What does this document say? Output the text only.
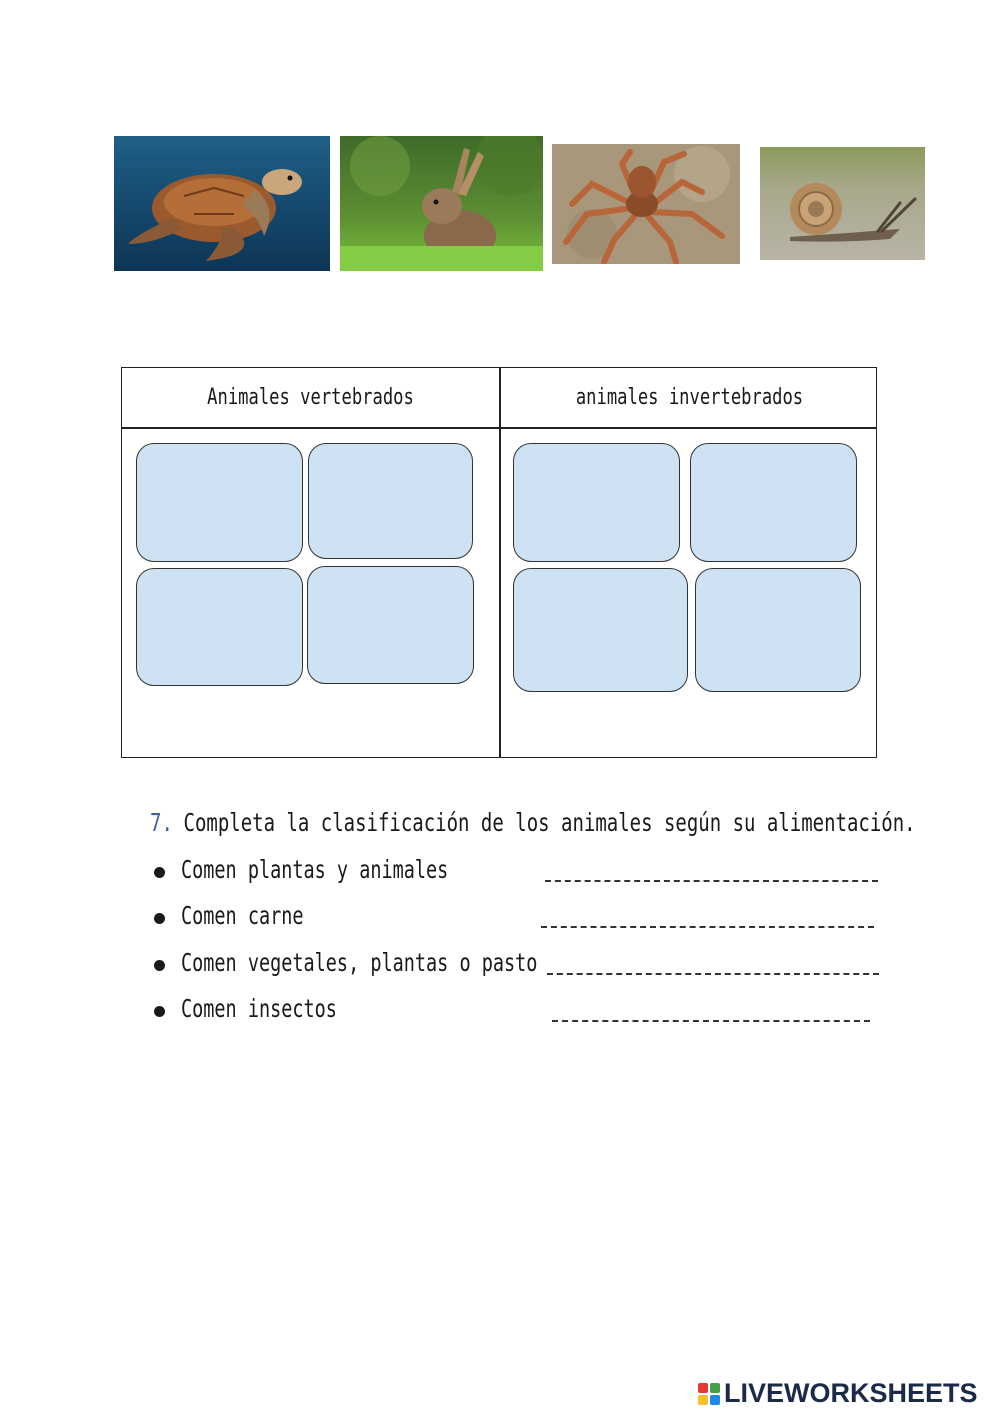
Animales vertebrados	animales invertebrados
7. Completa la clasificación de los animales según su alimentación.
Comen plantas y animales
Comen carne
Comen vegetales, plantas o pasto
Comen insectos
LIVEWORKSHEETS
